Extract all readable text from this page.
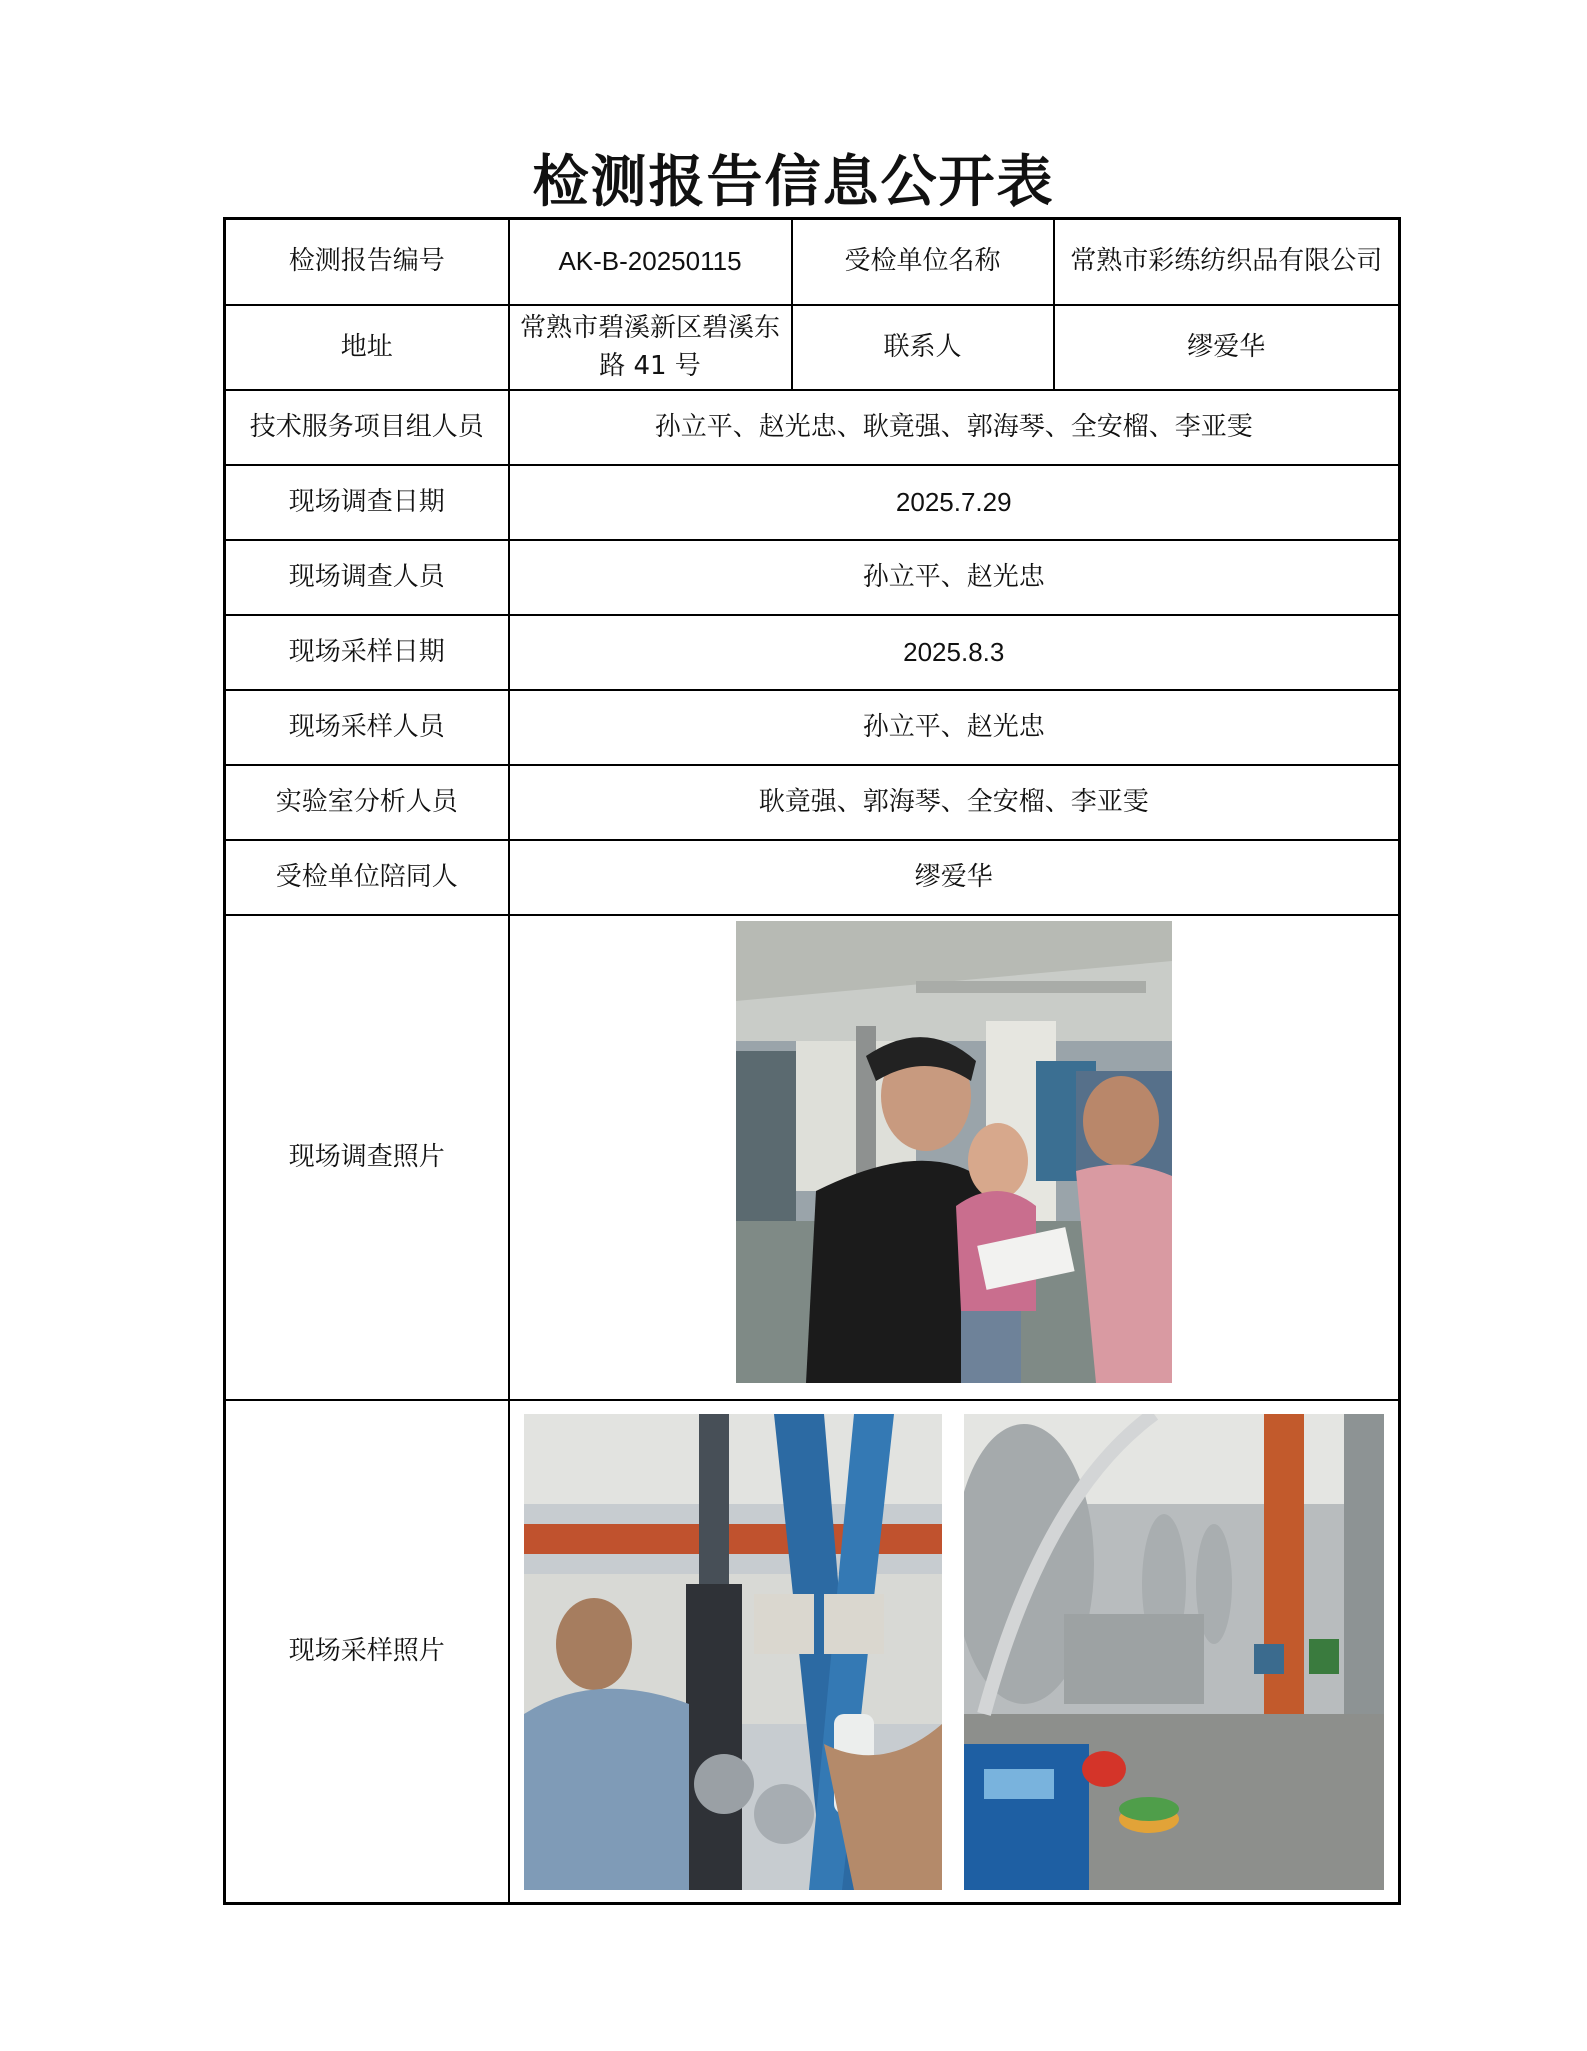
检测报告信息公开表
检测报告编号	AK-B-20250115	受检单位名称	常熟市彩练纺织品有限公司
地址	常熟市碧溪新区碧溪东路 41 号	联系人	缪爱华
技术服务项目组人员	孙立平、赵光忠、耿竟强、郭海琴、全安榴、李亚雯		
现场调查日期	2025.7.29		
现场调查人员	孙立平、赵光忠		
现场采样日期	2025.8.3		
现场采样人员	孙立平、赵光忠		
实验室分析人员	耿竟强、郭海琴、全安榴、李亚雯		
受检单位陪同人	缪爱华		
现场调查照片	

现场采样照片	
